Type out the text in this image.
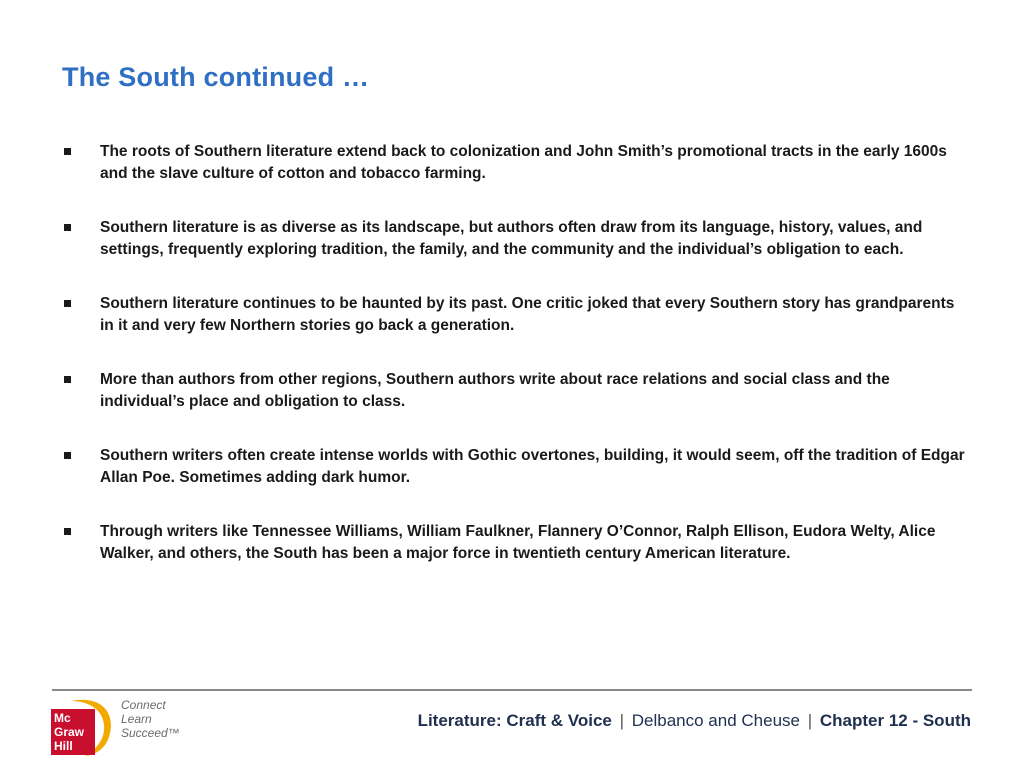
The South continued …
The roots of Southern literature extend back to colonization and John Smith’s promotional tracts in the early 1600s and the slave culture of cotton and tobacco farming.
Southern literature is as diverse as its landscape, but authors often draw from its language, history, values, and settings, frequently exploring tradition, the family, and the community and the individual’s obligation to each.
Southern literature continues to be haunted by its past. One critic joked that every Southern story has grandparents in it and very few Northern stories go back a generation.
More than authors from other regions, Southern authors write about race relations and social class and the individual’s place and obligation to class.
Southern writers often create intense worlds with Gothic overtones, building, it would seem, off the tradition of Edgar Allan Poe. Sometimes adding dark humor.
Through writers like Tennessee Williams, William Faulkner, Flannery O’Connor, Ralph Ellison, Eudora Welty, Alice Walker, and others, the South has been a major force in twentieth century American literature.
Mc
Graw
Hill
Connect
Learn
Succeed™
Literature: Craft & Voice | Delbanco and Cheuse | Chapter 12 - South
